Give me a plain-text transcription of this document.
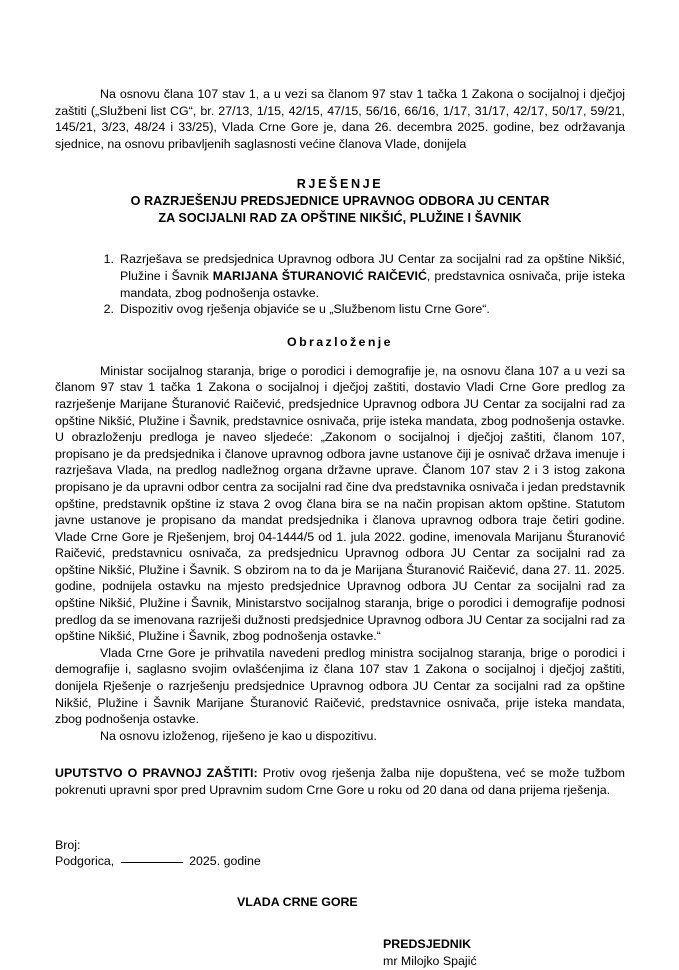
Na osnovu člana 107 stav 1, a u vezi sa članom 97 stav 1 tačka 1 Zakona o socijalnoj i dječjoj zaštiti („Službeni list CG“, br. 27/13, 1/15, 42/15, 47/15, 56/16, 66/16, 1/17, 31/17, 42/17, 50/17, 59/21, 145/21, 3/23, 48/24 i 33/25), Vlada Crne Gore je, dana 26. decembra 2025. godine, bez održavanja sjednice, na osnovu pribavljenih saglasnosti većine članova Vlade, donijela

RJEŠENJE
O RAZRJEŠENJU PREDSJEDNICE UPRAVNOG ODBORA JU CENTAR
ZA SOCIJALNI RAD ZA OPŠTINE NIKŠIĆ, PLUŽINE I ŠAVNIK
Razrješava se predsjednica Upravnog odbora JU Centar za socijalni rad za opštine Nikšić, Plužine i Šavnik MARIJANA ŠTURANOVIĆ RAIČEVIĆ, predstavnica osnivača, prije isteka mandata, zbog podnošenja ostavke.
Dispozitiv ovog rješenja objaviće se u „Službenom listu Crne Gore“.
Obrazloženje

Ministar socijalnog staranja, brige o porodici i demografije je, na osnovu člana 107 a u vezi sa članom 97 stav 1 tačka 1 Zakona o socijalnoj i dječjoj zaštiti, dostavio Vladi Crne Gore predlog za razrješenje Marijane Šturanović Raičević, predsjednice Upravnog odbora JU Centar za socijalni rad za opštine Nikšić, Plužine i Šavnik, predstavnice osnivača, prije isteka mandata, zbog podnošenja ostavke. U obrazloženju predloga je naveo sljedeće: „Zakonom o socijalnoj i dječjoj zaštiti, članom 107, propisano je da predsjednika i članove upravnog odbora javne ustanove čiji je osnivač država imenuje i razrješava Vlada, na predlog nadležnog organa državne uprave. Članom 107 stav 2 i 3 istog zakona propisano je da upravni odbor centra za socijalni rad čine dva predstavnika osnivača i jedan predstavnik opštine, predstavnik opštine iz stava 2 ovog člana bira se na način propisan aktom opštine. Statutom javne ustanove je propisano da mandat predsjednika i članova upravnog odbora traje četiri godine. Vlade Crne Gore je Rješenjem, broj 04-1444/5 od 1. jula 2022. godine, imenovala Marijanu Šturanović Raičević, predstavnicu osnivača, za predsjednicu Upravnog odbora JU Centar za socijalni rad za opštine Nikšić, Plužine i Šavnik. S obzirom na to da je Marijana Šturanović Raičević, dana 27. 11. 2025. godine, podnijela ostavku na mjesto predsjednice Upravnog odbora JU Centar za socijalni rad za opštine Nikšić, Plužine i Šavnik, Ministarstvo socijalnog staranja, brige o porodici i demografije podnosi predlog da se imenovana razriješi dužnosti predsjednice Upravnog odbora JU Centar za socijalni rad za opštine Nikšić, Plužine i Šavnik, zbog podnošenja ostavke.“

Vlada Crne Gore je prihvatila navedeni predlog ministra socijalnog staranja, brige o porodici i demografije i, saglasno svojim ovlašćenjima iz člana 107 stav 1 Zakona o socijalnoj i dječjoj zaštiti, donijela Rješenje o razrješenju predsjednice Upravnog odbora JU Centar za socijalni rad za opštine Nikšić, Plužine i Šavnik Marijane Šturanović Raičević, predstavnice osnivača, prije isteka mandata, zbog podnošenja ostavke.

Na osnovu izloženog, riješeno je kao u dispozitivu.

UPUTSTVO O PRAVNOJ ZAŠTITI: Protiv ovog rješenja žalba nije dopuštena, već se može tužbom pokrenuti upravni spor pred Upravnim sudom Crne Gore u roku od 20 dana od dana prijema rješenja.

Broj:
Podgorica,	2025. godine
VLADA CRNE GORE
PREDSJEDNIK
mr Milojko Spajić
